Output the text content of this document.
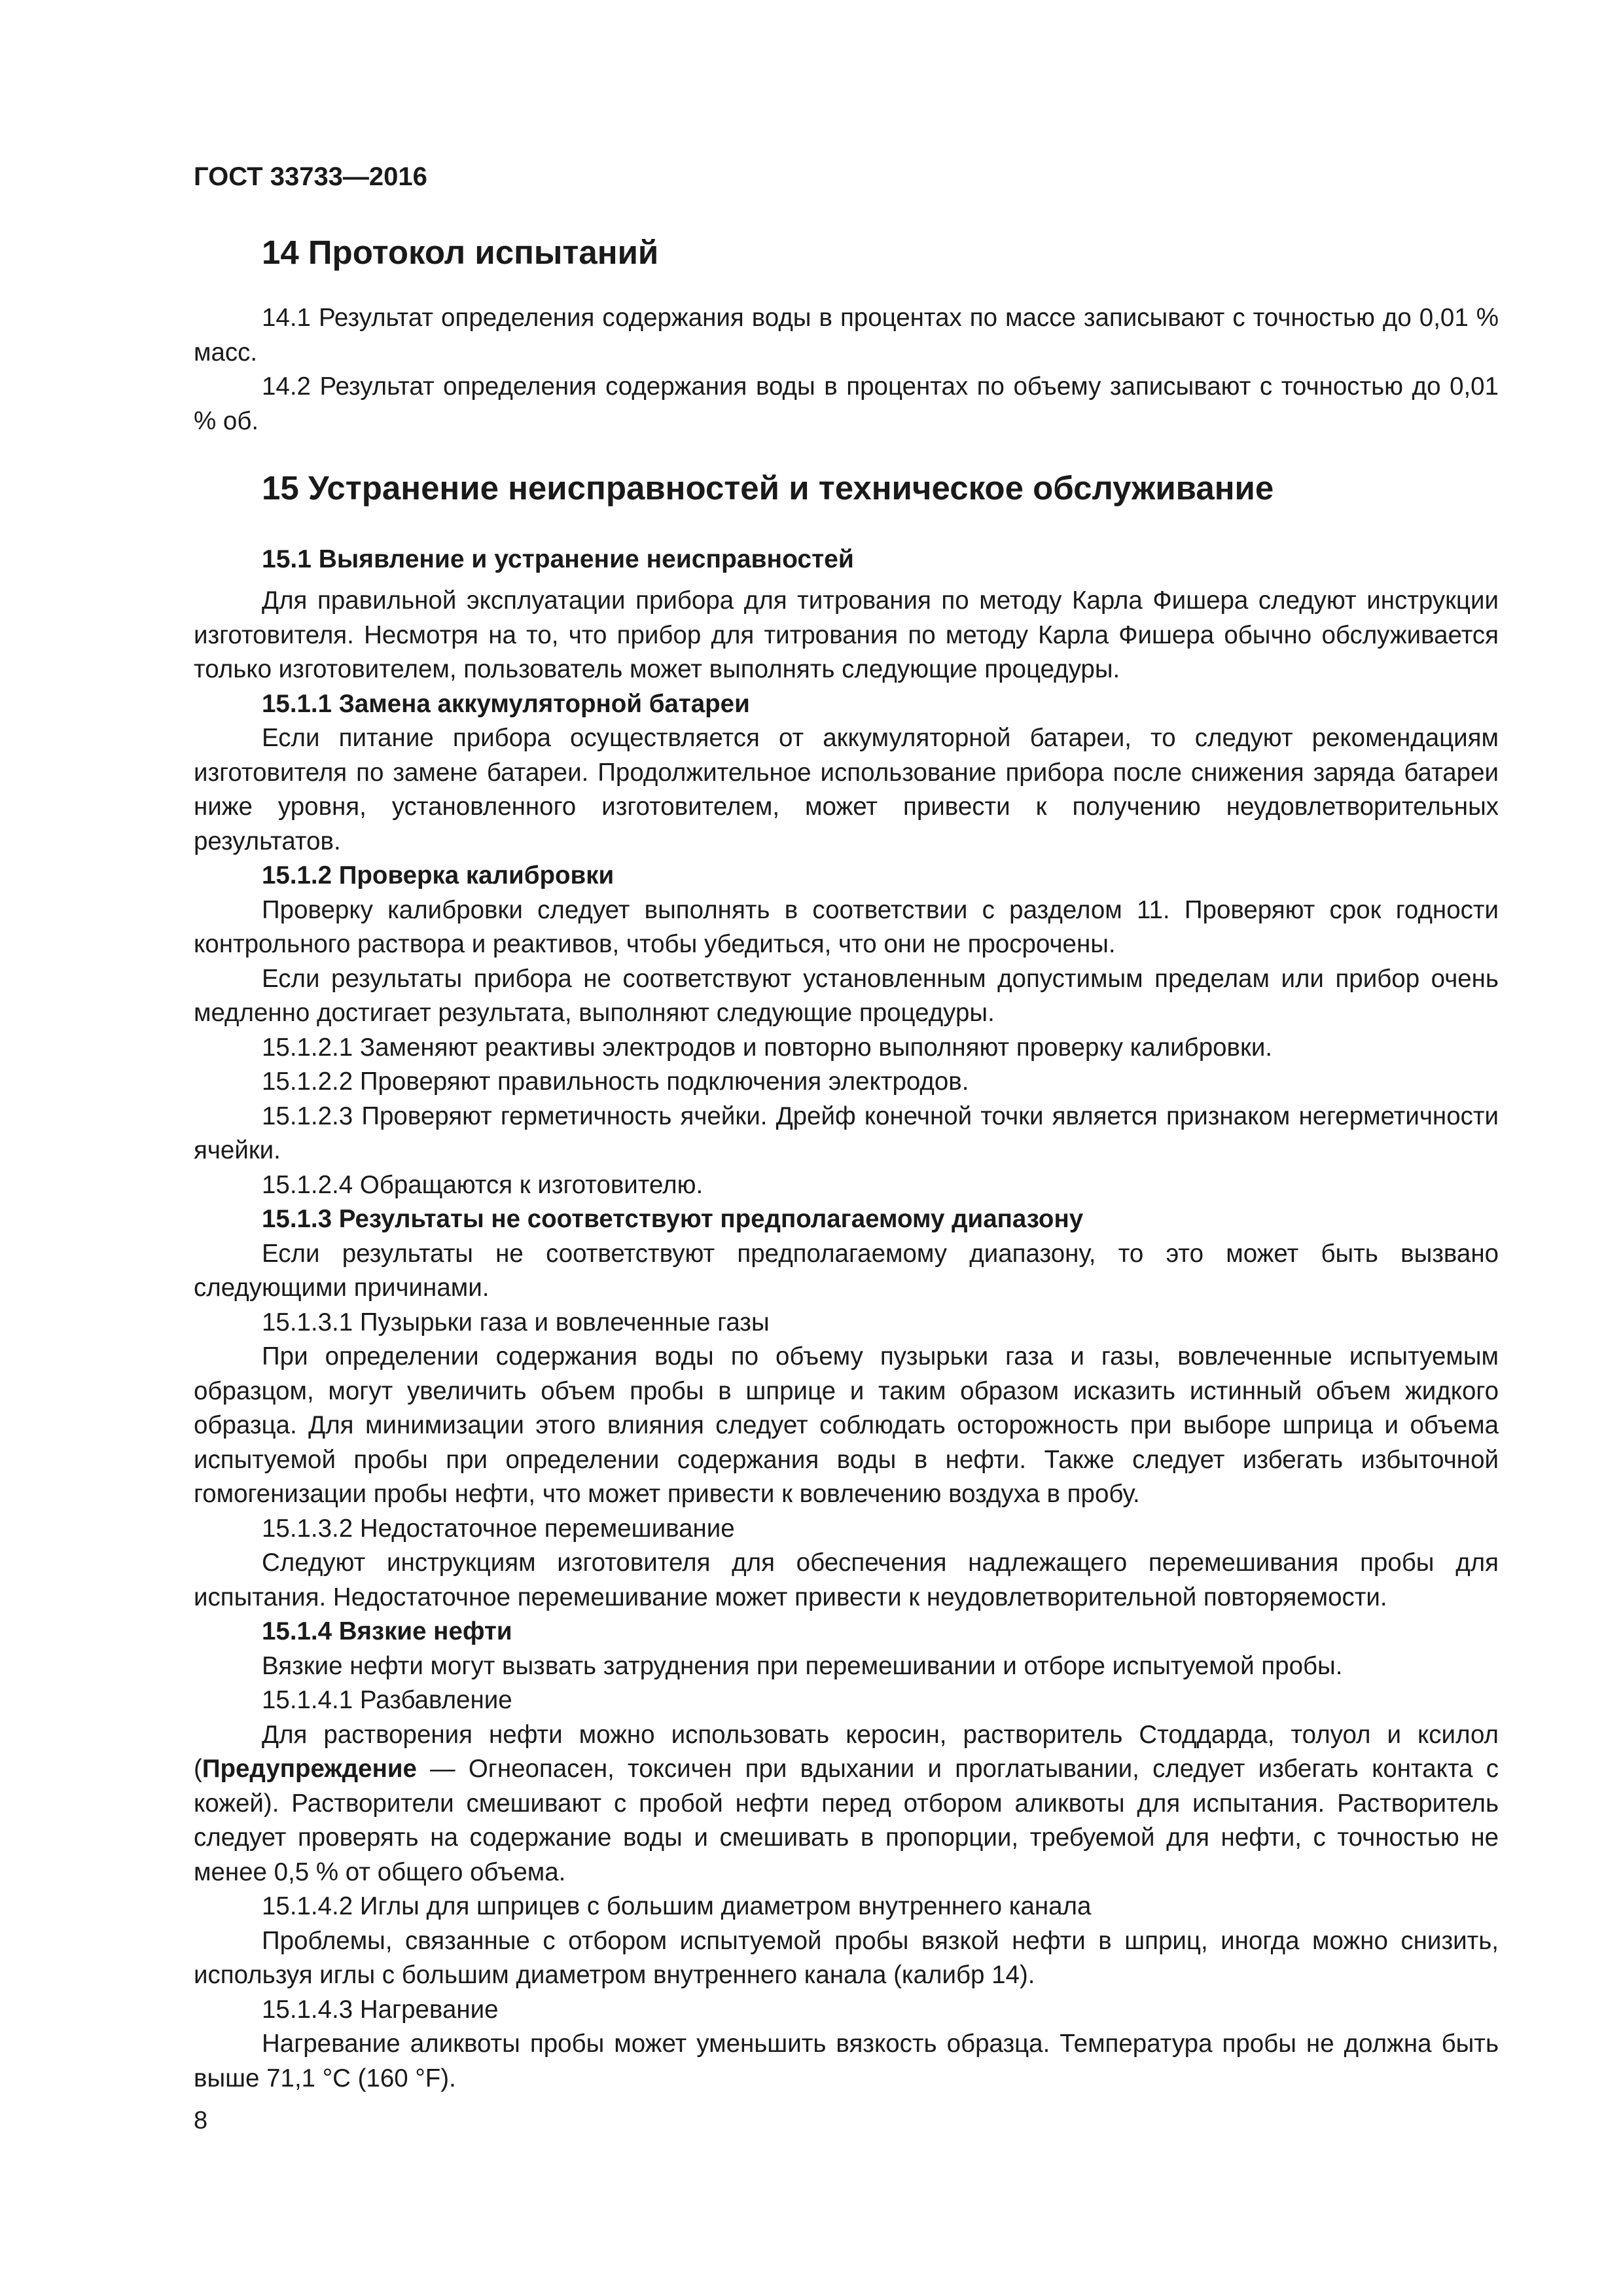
ГОСТ 33733—2016
14 Протокол испытаний

14.1 Результат определения содержания воды в процентах по массе записывают с точностью до 0,01 % масс.

14.2 Результат определения содержания воды в процентах по объему записывают с точностью до 0,01 % об.

15 Устранение неисправностей и техническое обслуживание
15.1 Выявление и устранение неисправностей

Для правильной эксплуатации прибора для титрования по методу Карла Фишера следуют инструкции изготовителя. Несмотря на то, что прибор для титрования по методу Карла Фишера обычно обслуживается только изготовителем, пользователь может выполнять следующие процедуры.

15.1.1 Замена аккумуляторной батареи

Если питание прибора осуществляется от аккумуляторной батареи, то следуют рекомендациям изготовителя по замене батареи. Продолжительное использование прибора после снижения заряда батареи ниже уровня, установленного изготовителем, может привести к получению неудовлетворительных результатов.

15.1.2 Проверка калибровки

Проверку калибровки следует выполнять в соответствии с разделом 11. Проверяют срок годности контрольного раствора и реактивов, чтобы убедиться, что они не просрочены.

Если результаты прибора не соответствуют установленным допустимым пределам или прибор очень медленно достигает результата, выполняют следующие процедуры.

15.1.2.1 Заменяют реактивы электродов и повторно выполняют проверку калибровки.

15.1.2.2 Проверяют правильность подключения электродов.

15.1.2.3 Проверяют герметичность ячейки. Дрейф конечной точки является признаком негерметичности ячейки.

15.1.2.4 Обращаются к изготовителю.

15.1.3 Результаты не соответствуют предполагаемому диапазону

Если результаты не соответствуют предполагаемому диапазону, то это может быть вызвано следующими причинами.

15.1.3.1 Пузырьки газа и вовлеченные газы

При определении содержания воды по объему пузырьки газа и газы, вовлеченные испытуемым образцом, могут увеличить объем пробы в шприце и таким образом исказить истинный объем жидкого образца. Для минимизации этого влияния следует соблюдать осторожность при выборе шприца и объема испытуемой пробы при определении содержания воды в нефти. Также следует избегать избыточной гомогенизации пробы нефти, что может привести к вовлечению воздуха в пробу.

15.1.3.2 Недостаточное перемешивание

Следуют инструкциям изготовителя для обеспечения надлежащего перемешивания пробы для испытания. Недостаточное перемешивание может привести к неудовлетворительной повторяемости.

15.1.4 Вязкие нефти

Вязкие нефти могут вызвать затруднения при перемешивании и отборе испытуемой пробы.

15.1.4.1 Разбавление

Для растворения нефти можно использовать керосин, растворитель Стоддарда, толуол и ксилол (Предупреждение — Огнеопасен, токсичен при вдыхании и проглатывании, следует избегать контакта с кожей). Растворители смешивают с пробой нефти перед отбором аликвоты для испытания. Растворитель следует проверять на содержание воды и смешивать в пропорции, требуемой для нефти, с точностью не менее 0,5 % от общего объема.

15.1.4.2 Иглы для шприцев с большим диаметром внутреннего канала

Проблемы, связанные с отбором испытуемой пробы вязкой нефти в шприц, иногда можно снизить, используя иглы с большим диаметром внутреннего канала (калибр 14).

15.1.4.3 Нагревание

Нагревание аликвоты пробы может уменьшить вязкость образца. Температура пробы не должна быть выше 71,1 °С (160 °F).

8
